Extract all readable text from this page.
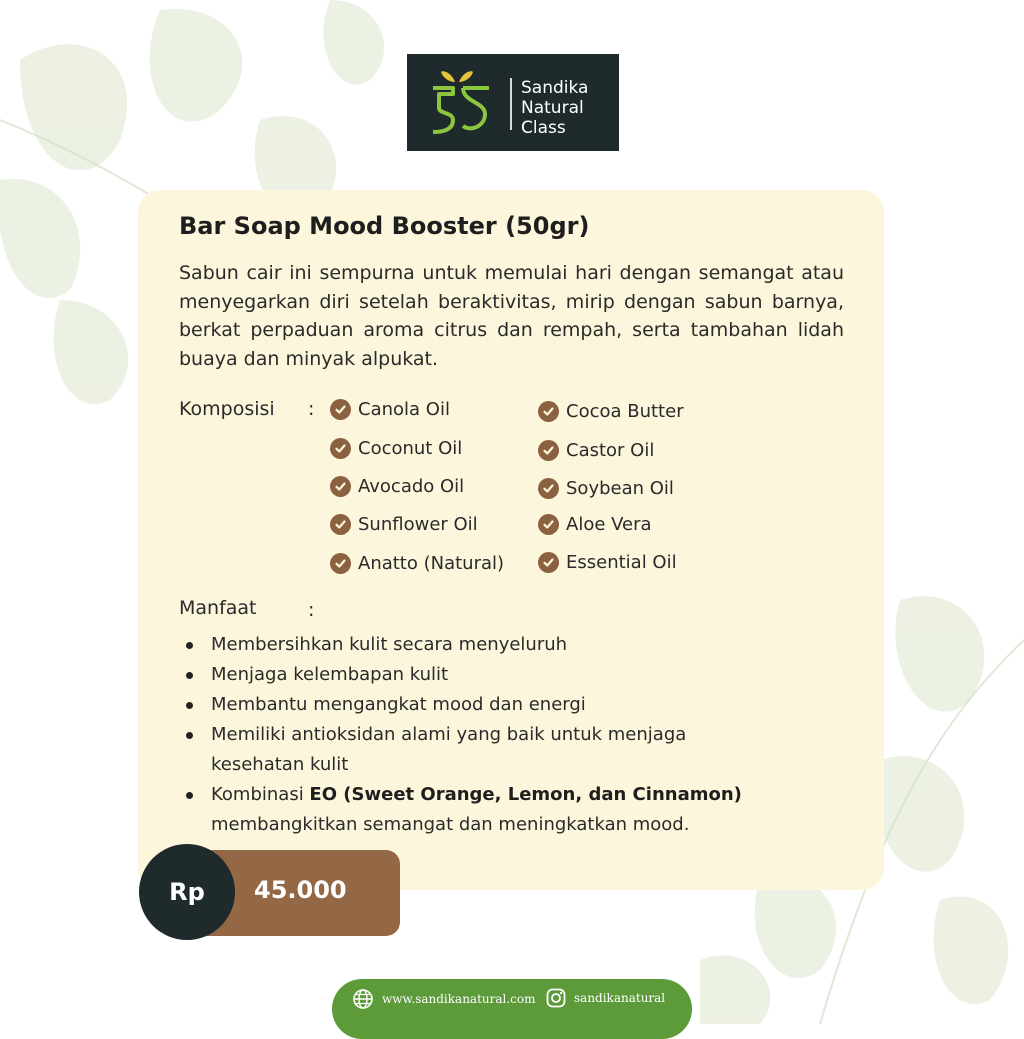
Sandika
Natural
Class
Bar Soap Mood Booster (50gr)

Sabun cair ini sempurna untuk memulai hari dengan semangat atau menyegarkan diri setelah beraktivitas, mirip dengan sabun barnya, berkat perpaduan aroma citrus dan rempah, serta tambahan lidah buaya dan minyak alpukat.

Komposisi : Canola Oil
Coconut Oil
Avocado Oil
Sunflower Oil
Anatto (Natural)
Cocoa Butter
Castor Oil
Soybean Oil
Aloe Vera
Essential Oil
Manfaat	:
Membersihkan kulit secara menyeluruh
Menjaga kelembapan kulit
Membantu mengangkat mood dan energi
Memiliki antioksidan alami yang baik untuk menjaga kesehatan kulit
Kombinasi EO (Sweet Orange, Lemon, dan Cinnamon) membangkitkan semangat dan meningkatkan mood.
Rp 45.000
www.sandikanatural.com	sandikanatural
